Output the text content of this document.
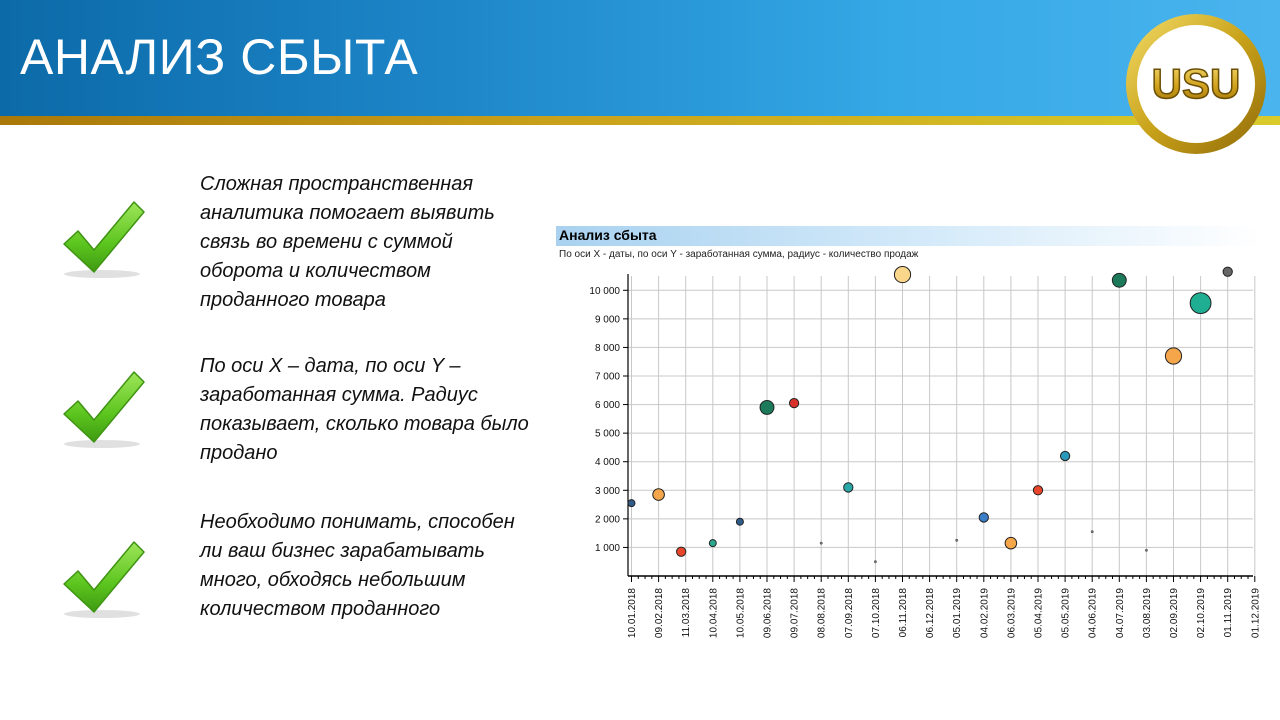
АНАЛИЗ СБЫТА	USU

Сложная пространственная аналитика помогает выявить связь во времени с суммой оборота и количеством проданного товара

По оси X – дата, по оси Y – заработанная сумма. Радиус показывает, сколько товара было продано

Необходимо понимать, способен ли ваш бизнес зарабатывать много, обходясь небольшим количеством проданного

Анализ сбыта

По оси X - даты, по оси Y - заработанная сумма, радиус - количество продаж

1 000
2 000
3 000
4 000
5 000
6 000
7 000
8 000
9 000
10 000
10.01.2018 09.02.2018 11.03.2018 10.04.2018 10.05.2018 09.06.2018 09.07.2018 08.08.2018 07.09.2018 07.10.2018 06.11.2018 06.12.2018 05.01.2019 04.02.2019 06.03.2019 05.04.2019 05.05.2019 04.06.2019 04.07.2019 03.08.2019 02.09.2019 02.10.2019 01.11.2019 01.12.2019
